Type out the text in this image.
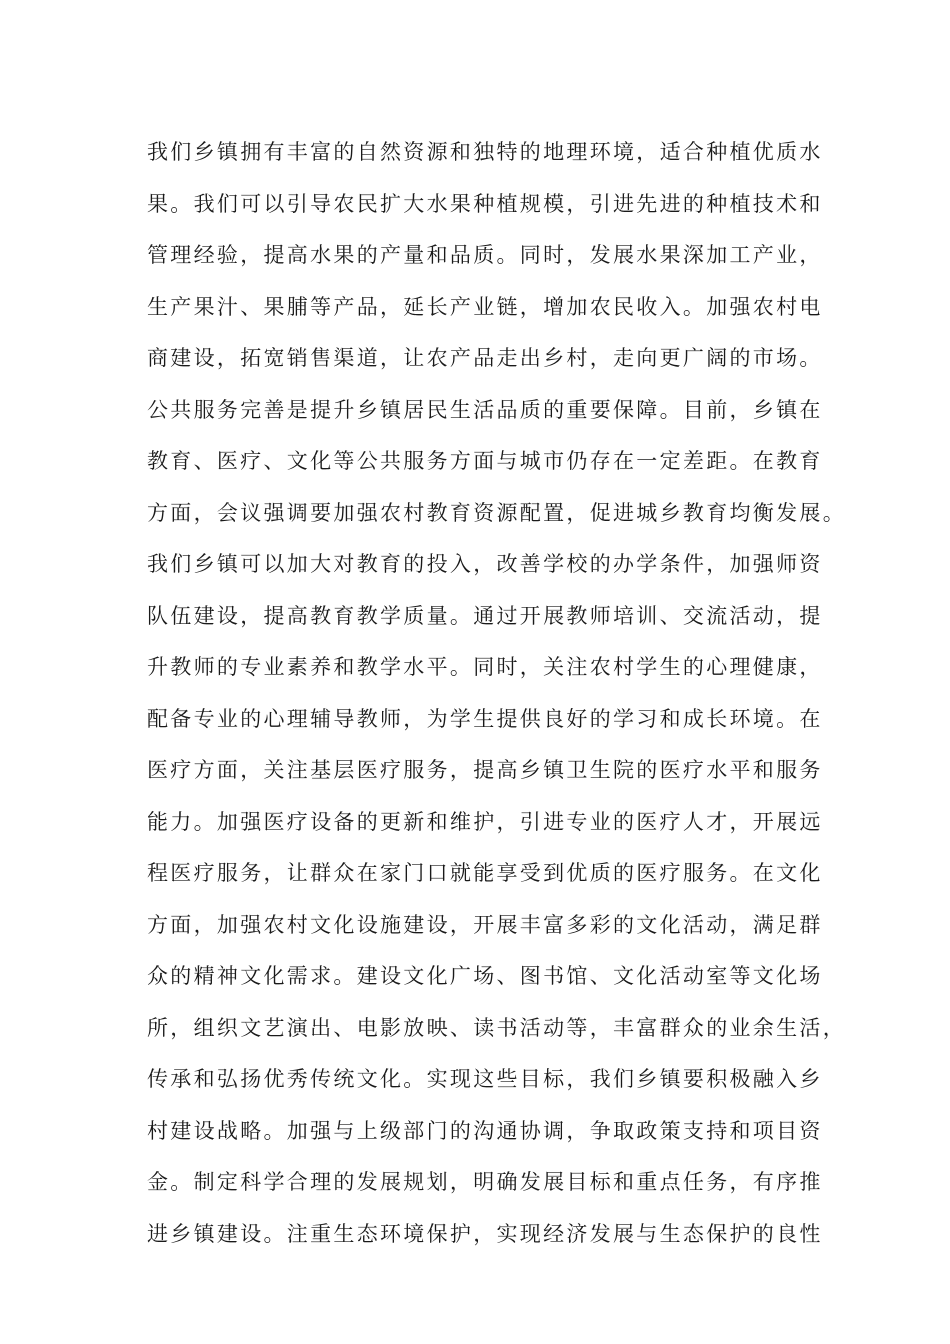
我们乡镇拥有丰富的自然资源和独特的地理环境，适合种植优质水
果。我们可以引导农民扩大水果种植规模，引进先进的种植技术和
管理经验，提高水果的产量和品质。同时，发展水果深加工产业，
生产果汁、果脯等产品，延长产业链，增加农民收入。加强农村电
商建设，拓宽销售渠道，让农产品走出乡村，走向更广阔的市场。
公共服务完善是提升乡镇居民生活品质的重要保障。目前，乡镇在
教育、医疗、文化等公共服务方面与城市仍存在一定差距。在教育
方面，会议强调要加强农村教育资源配置，促进城乡教育均衡发展。
我们乡镇可以加大对教育的投入，改善学校的办学条件，加强师资
队伍建设，提高教育教学质量。通过开展教师培训、交流活动，提
升教师的专业素养和教学水平。同时，关注农村学生的心理健康，
配备专业的心理辅导教师，为学生提供良好的学习和成长环境。在
医疗方面，关注基层医疗服务，提高乡镇卫生院的医疗水平和服务
能力。加强医疗设备的更新和维护，引进专业的医疗人才，开展远
程医疗服务，让群众在家门口就能享受到优质的医疗服务。在文化
方面，加强农村文化设施建设，开展丰富多彩的文化活动，满足群
众的精神文化需求。建设文化广场、图书馆、文化活动室等文化场
所，组织文艺演出、电影放映、读书活动等，丰富群众的业余生活，
传承和弘扬优秀传统文化。实现这些目标，我们乡镇要积极融入乡
村建设战略。加强与上级部门的沟通协调，争取政策支持和项目资
金。制定科学合理的发展规划，明确发展目标和重点任务，有序推
进乡镇建设。注重生态环境保护，实现经济发展与生态保护的良性
